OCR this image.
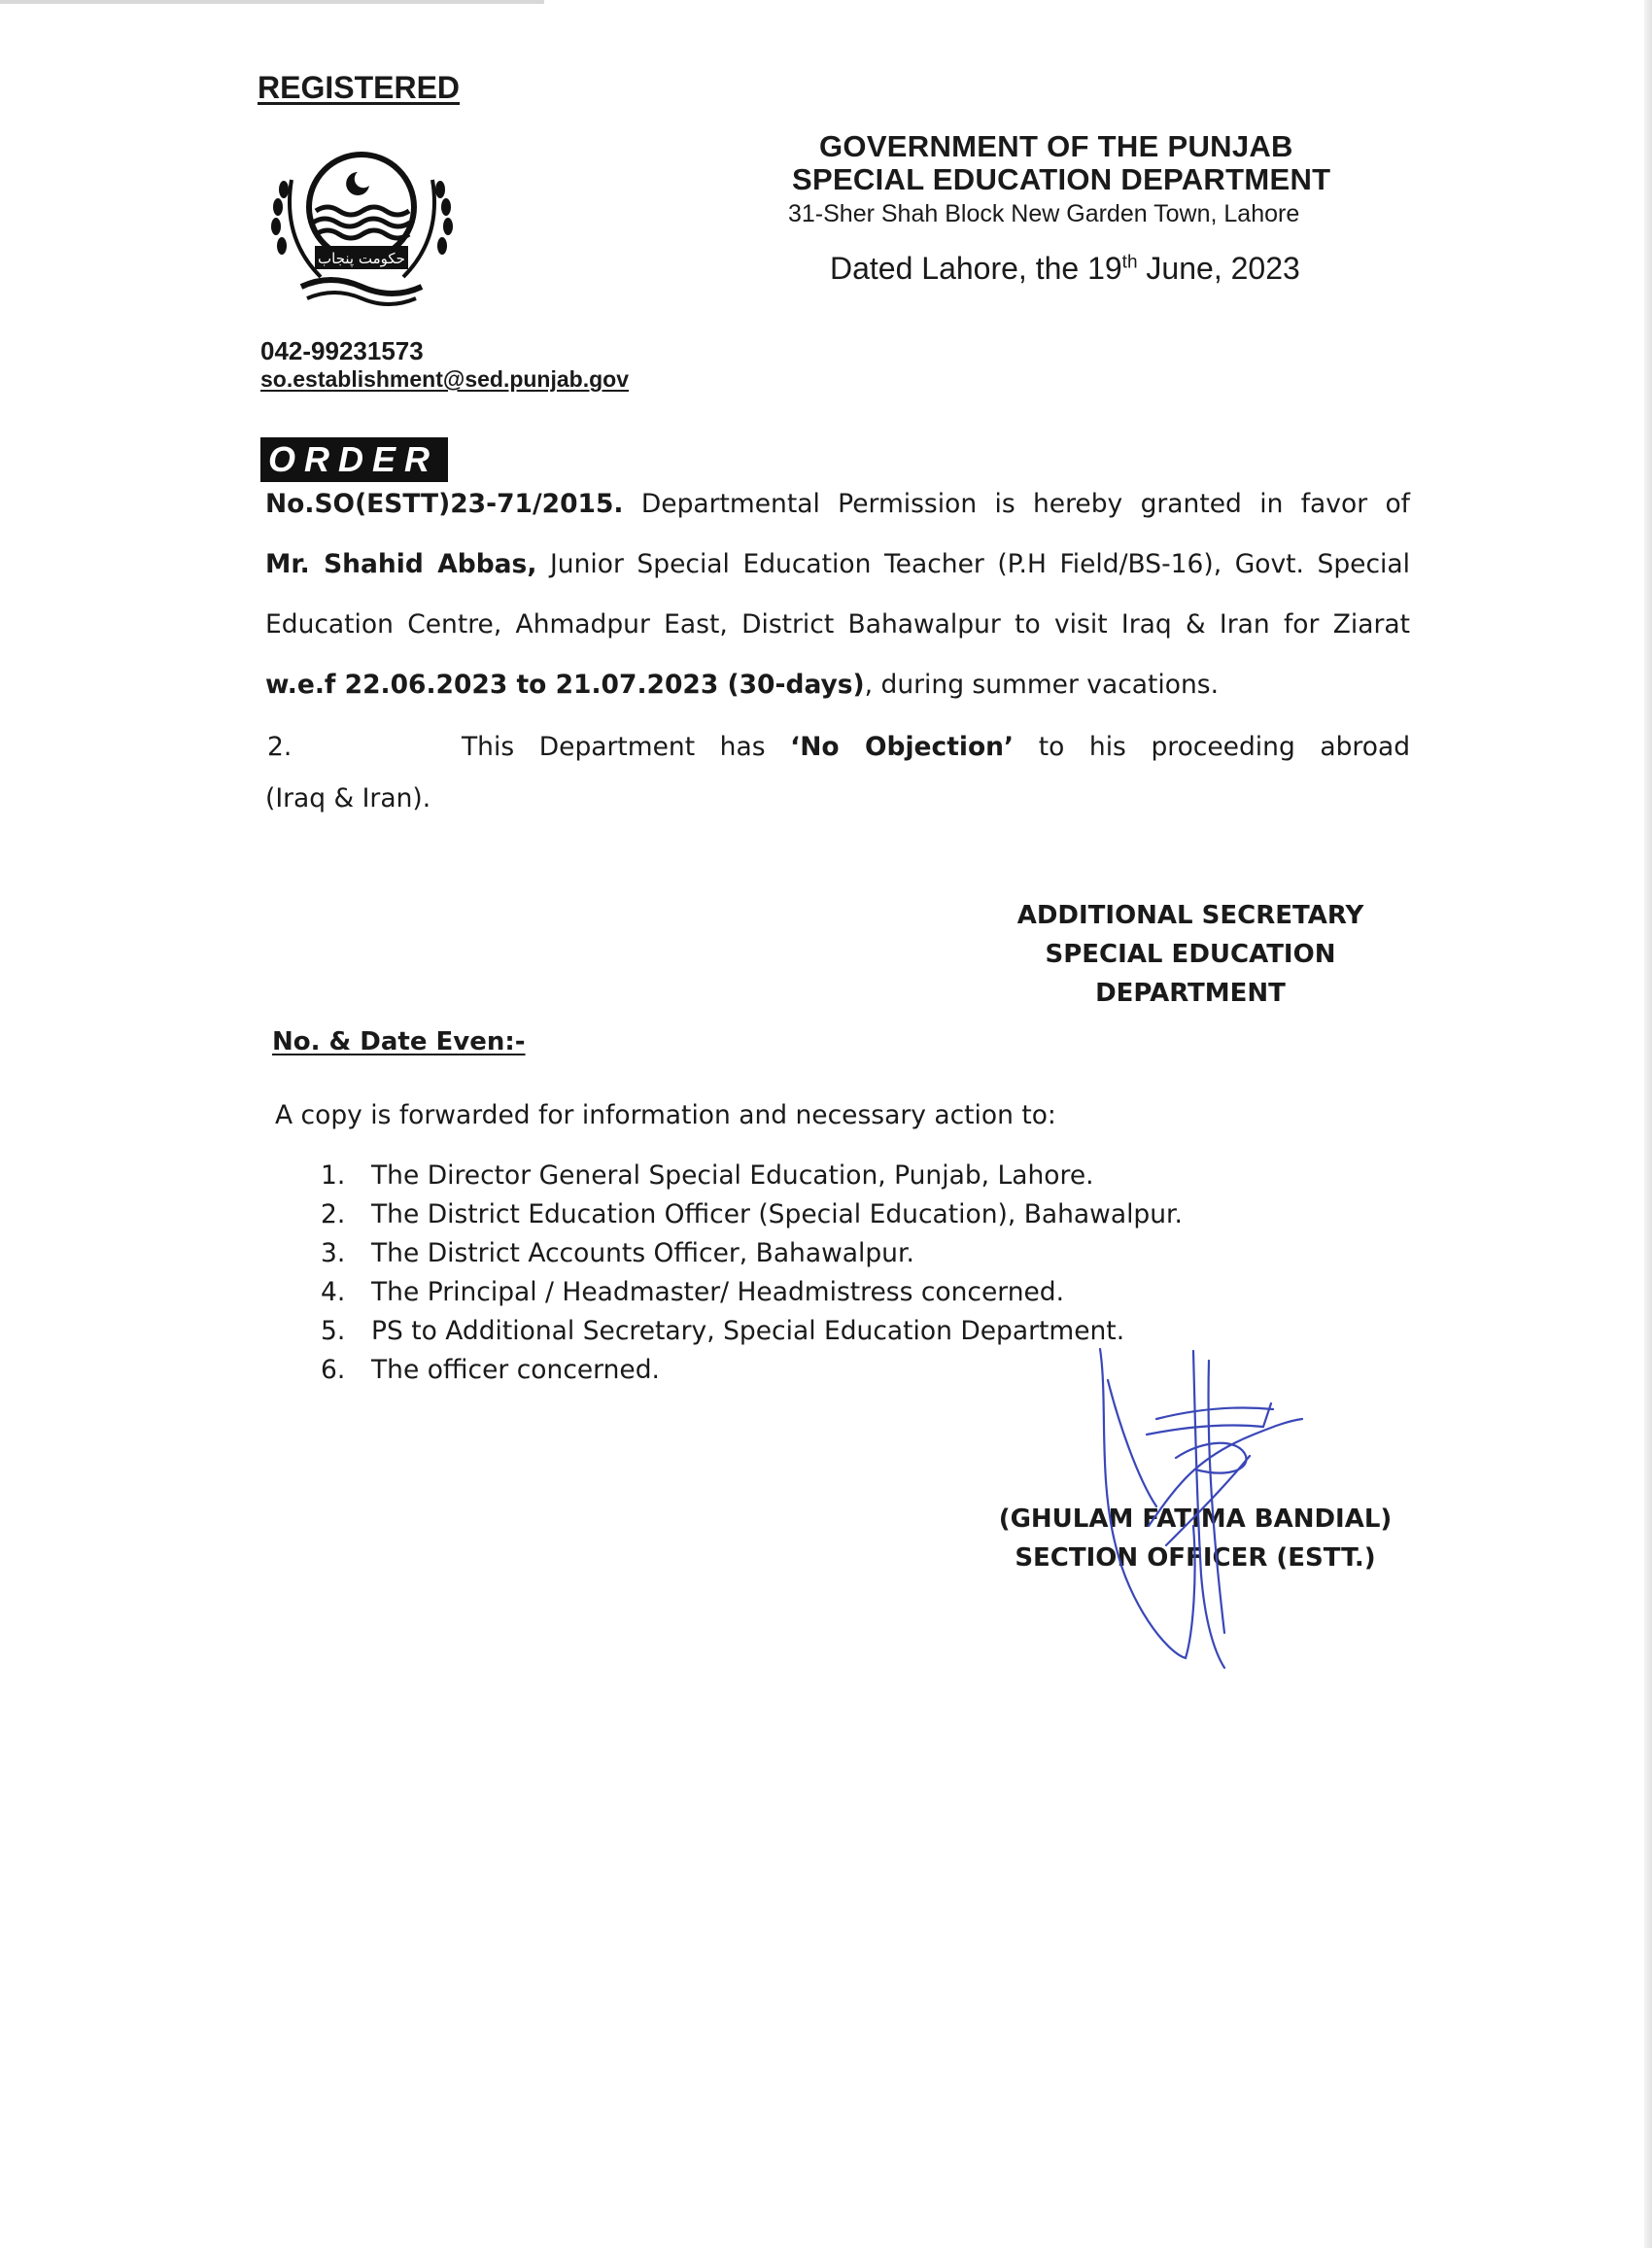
REGISTERED
حکومت پنجاب
GOVERNMENT OF THE PUNJAB
SPECIAL EDUCATION DEPARTMENT
31-Sher Shah Block New Garden Town, Lahore
Dated Lahore, the 19th June, 2023
042-99231573
so.establishment@sed.punjab.gov
ORDER
No.SO(ESTT)23-71/2015. Departmental Permission is hereby granted in favor of
Mr. Shahid Abbas, Junior Special Education Teacher (P.H Field/BS-16), Govt. Special
Education Centre, Ahmadpur East, District Bahawalpur to visit Iraq & Iran for Ziarat
w.e.f 22.06.2023 to 21.07.2023 (30-days), during summer vacations.
2.	This Department has ‘No Objection’ to his proceeding abroad
(Iraq & Iran).
ADDITIONAL SECRETARY
SPECIAL EDUCATION
DEPARTMENT
No. & Date Even:-
A copy is forwarded for information and necessary action to:
1. The Director General Special Education, Punjab, Lahore.
2. The District Education Officer (Special Education), Bahawalpur.
3. The District Accounts Officer, Bahawalpur.
4. The Principal / Headmaster/ Headmistress concerned.
5. PS to Additional Secretary, Special Education Department.
6. The officer concerned.
(GHULAM FATIMA BANDIAL)
SECTION OFFICER (ESTT.)
